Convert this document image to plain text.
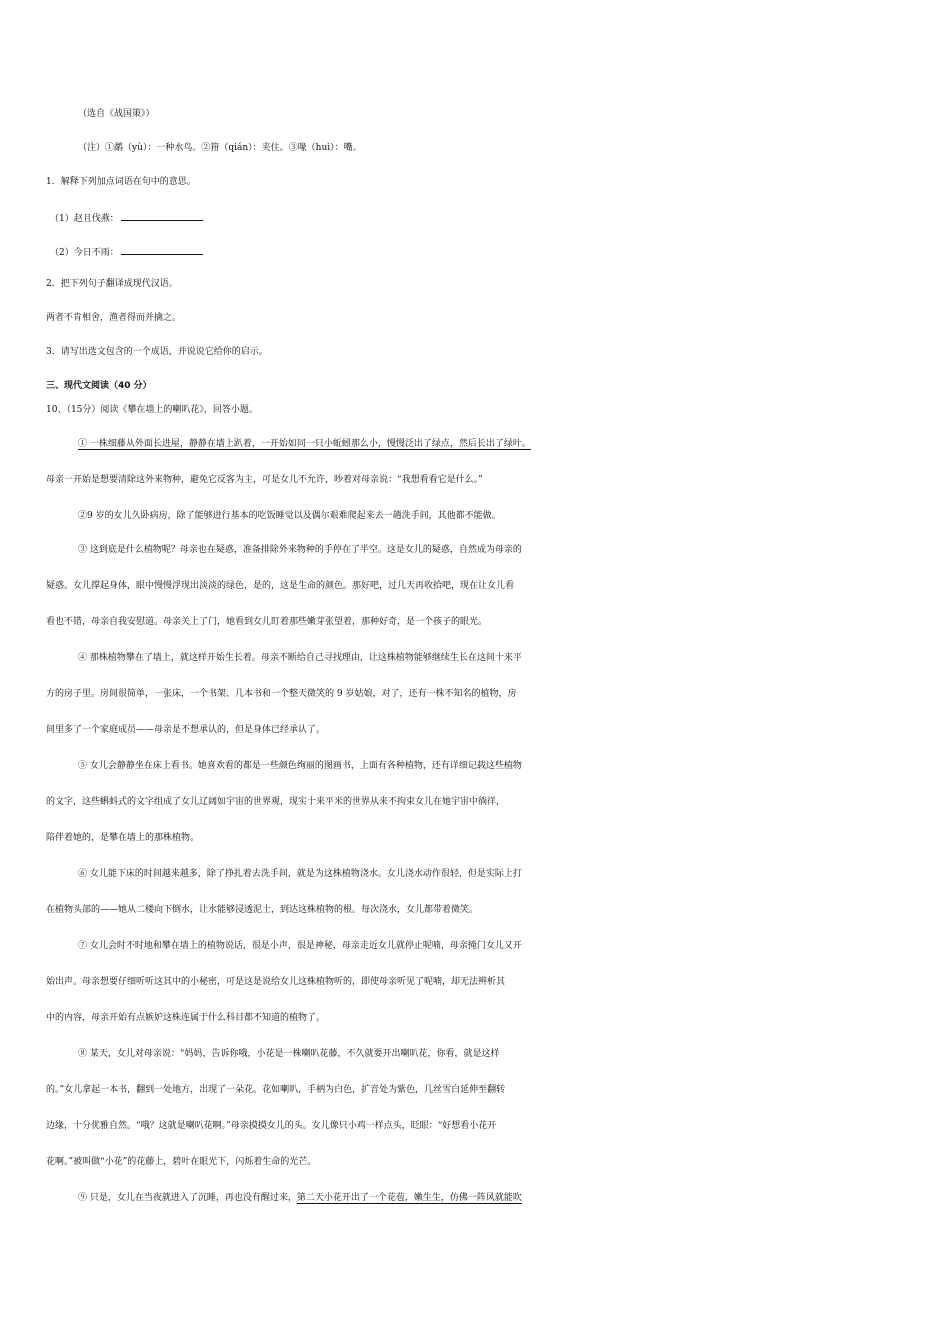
（选自《战国策》）
（注）①鹬（yù）：一种水鸟。②箝（qián）：夹住。③喙（huì）：嘴。
1．解释下列加点词语在句中的意思。
（1）赵且伐燕：
（2）今日不雨：
2．把下列句子翻译成现代汉语。
两者不肯相舍，渔者得而并擒之。
3．请写出选文包含的一个成语，并说说它给你的启示。
三、现代文阅读（40 分）
10、（15分）阅读《攀在墙上的喇叭花》，回答小题。
① 一株细藤从外面长进屋，静静在墙上趴着，一开始如同一只小蚯蚓那么小，慢慢泛出了绿点，然后长出了绿叶。
母亲一开始是想要清除这外来物种，避免它反客为主，可是女儿不允许，吵着对母亲说：“我想看看它是什么。”
②9 岁的女儿久卧病房，除了能够进行基本的吃饭睡觉以及偶尔艰难爬起来去一趟洗手间，其他都不能做。
③ 这到底是什么植物呢？母亲也在疑惑，准备排除外来物种的手停在了半空。这是女儿的疑惑，自然成为母亲的
疑惑。女儿撑起身体，眼中慢慢浮现出淡淡的绿色，是的，这是生命的颜色。那好吧，过几天再收拾吧，现在让女儿看
看也不错，母亲自我安慰道。母亲关上了门，她看到女儿盯着那些嫩芽张望着，那种好奇，是一个孩子的眼光。
④ 那株植物攀在了墙上，就这样开始生长着。母亲不断给自己寻找理由，让这株植物能够继续生长在这间十来平
方的房子里。房间很简单，一张床，一个书架、几本书和一个整天微笑的 9 岁姑娘，对了，还有一株不知名的植物，房
间里多了一个家庭成员——母亲是不想承认的，但是身体已经承认了。
⑤ 女儿会静静坐在床上看书。她喜欢看的都是一些颜色绚丽的图画书，上面有各种植物，还有详细记载这些植物
的文字，这些蝌蚪式的文字组成了女儿辽阔如宇宙的世界观，现实十来平米的世界从来不拘束女儿在她宇宙中徜徉，
陪伴着她的，是攀在墙上的那株植物。
⑥ 女儿能下床的时间越来越多，除了挣扎着去洗手间，就是为这株植物浇水。女儿浇水动作很轻，但是实际上打
在植物头部的——她从二楼向下倒水，让水能够浸透泥土，到达这株植物的根。每次浇水，女儿都带着微笑。
⑦ 女儿会时不时地和攀在墙上的植物说话，很是小声，很是神秘，母亲走近女儿就停止呢喃，母亲掩门女儿又开
始出声。母亲想要仔细听听这其中的小秘密，可是这是说给女儿这株植物听的，即使母亲听见了呢喃，却无法辨析其
中的内容，母亲开始有点嫉妒这株连属于什么科目都不知道的植物了。
⑧ 某天，女儿对母亲说：“妈妈，告诉你哦，小花是一株喇叭花藤，不久就要开出喇叭花，你看，就是这样
的。”女儿拿起一本书，翻到一处地方，出现了一朵花。花如喇叭，手柄为白色，扩音处为紫色，几丝雪白延伸至翻转
边缘，十分优雅自然。“哦？这就是喇叭花啊。”母亲摸摸女儿的头。女儿像只小鸡一样点头，眨眼：“好想看小花开
花啊。”被叫做“小花”的花藤上，碧叶在眼光下，闪烁着生命的光芒。
⑨ 只是，女儿在当夜就进入了沉睡，再也没有醒过来，第二天小花开出了一个花苞，嫩生生，仿佛一阵风就能吹
